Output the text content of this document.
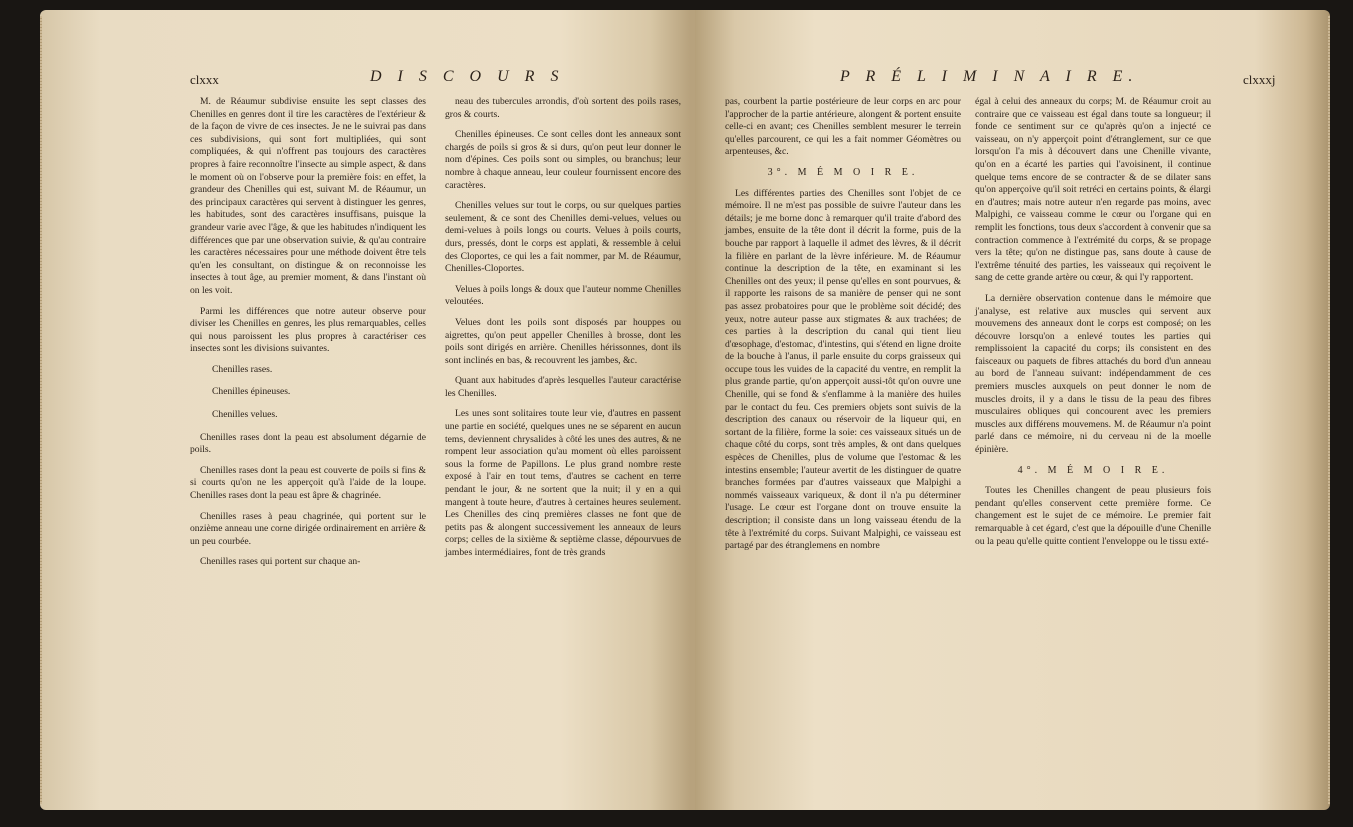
clxxx	D I S C O U R S

M. de Réaumur subdivise ensuite les sept classes des Chenilles en genres dont il tire les caractères de l'extérieur & de la façon de vivre de ces insectes. Je ne le suivrai pas dans ces subdivisions, qui sont fort multipliées, qui sont compliquées, & qui n'offrent pas toujours des caractères propres à faire reconnoître l'insecte au simple aspect, & dans le moment où on l'observe pour la première fois: en effet, la grandeur des Chenilles qui est, suivant M. de Réaumur, un des principaux caractères qui servent à distinguer les genres, les habitudes, sont des caractères insuffisans, puisque la grandeur varie avec l'âge, & que les habitudes n'indiquent les différences que par une observation suivie, & qu'au contraire les caractères nécessaires pour une méthode doivent être tels qu'en les consultant, on distingue & on reconnoisse les insectes à tout âge, au premier moment, & dans l'instant où on les voit.

Parmi les différences que notre auteur observe pour diviser les Chenilles en genres, les plus remarquables, celles qui nous paroissent les plus propres à caractériser ces insectes sont les divisions suivantes.

Chenilles rases.

Chenilles épineuses.

Chenilles velues.

Chenilles rases dont la peau est absolument dégarnie de poils.

Chenilles rases dont la peau est couverte de poils si fins & si courts qu'on ne les apperçoit qu'à l'aide de la loupe. Chenilles rases dont la peau est âpre & chagrinée.

Chenilles rases à peau chagrinée, qui portent sur le onzième anneau une corne dirigée ordinairement en arrière & un peu courbée.

Chenilles rases qui portent sur chaque an-

neau des tubercules arrondis, d'où sortent des poils rases, gros & courts.

Chenilles épineuses. Ce sont celles dont les anneaux sont chargés de poils si gros & si durs, qu'on peut leur donner le nom d'épines. Ces poils sont ou simples, ou branchus; leur nombre à chaque anneau, leur couleur fournissent encore des caractères.

Chenilles velues sur tout le corps, ou sur quelques parties seulement, & ce sont des Chenilles demi-velues, velues ou demi-velues à poils longs ou courts. Velues à poils courts, durs, pressés, dont le corps est applati, & ressemble à celui des Cloportes, ce qui les a fait nommer, par M. de Réaumur, Chenilles-Cloportes.

Velues à poils longs & doux que l'auteur nomme Chenilles veloutées.

Velues dont les poils sont disposés par houppes ou aigrettes, qu'on peut appeller Chenilles à brosse, dont les poils sont dirigés en arrière. Chenilles hérissonnes, dont ils sont inclinés en bas, & recouvrent les jambes, &c.

Quant aux habitudes d'après lesquelles l'auteur caractérise les Chenilles.

Les unes sont solitaires toute leur vie, d'autres en passent une partie en société, quelques unes ne se séparent en aucun tems, deviennent chrysalides à côté les unes des autres, & ne rompent leur association qu'au moment où elles paroissent sous la forme de Papillons. Le plus grand nombre reste exposé à l'air en tout tems, d'autres se cachent en terre pendant le jour, & ne sortent que la nuit; il y en a qui mangent à toute heure, d'autres à certaines heures seulement. Les Chenilles des cinq premières classes ne font que de petits pas & alongent successivement les anneaux de leurs corps; celles de la sixième & septième classe, dépourvues de jambes intermédiaires, font de très grands

P R É L I M I N A I R E.	clxxxj

pas, courbent la partie postérieure de leur corps en arc pour l'approcher de la partie antérieure, alongent & portent ensuite celle-ci en avant; ces Chenilles semblent mesurer le terrein qu'elles parcourent, ce qui les a fait nommer Géomètres ou arpenteuses, &c.

3°. M É M O I R E.

Les différentes parties des Chenilles sont l'objet de ce mémoire. Il ne m'est pas possible de suivre l'auteur dans les détails; je me borne donc à remarquer qu'il traite d'abord des jambes, ensuite de la tête dont il décrit la forme, puis de la bouche par rapport à laquelle il admet des lèvres, & il décrit la filière en parlant de la lèvre inférieure. M. de Réaumur continue la description de la tête, en examinant si les Chenilles ont des yeux; il pense qu'elles en sont pourvues, & il rapporte les raisons de sa manière de penser qui ne sont pas assez probatoires pour que le problème soit décidé; des yeux, notre auteur passe aux stigmates & aux trachées; de ces parties à la description du canal qui tient lieu d'œsophage, d'estomac, d'intestins, qui s'étend en ligne droite de la bouche à l'anus, il parle ensuite du corps graisseux qui occupe tous les vuides de la capacité du ventre, en remplit la plus grande partie, qu'on apperçoit aussi-tôt qu'on ouvre une Chenille, qui se fond & s'enflamme à la manière des huiles par le contact du feu. Ces premiers objets sont suivis de la description des canaux ou réservoir de la liqueur qui, en sortant de la filière, forme la soie: ces vaisseaux situés un de chaque côté du corps, sont très amples, & ont dans quelques espèces de Chenilles, plus de volume que l'estomac & les intestins ensemble; l'auteur avertit de les distinguer de quatre branches formées par d'autres vaisseaux que Malpighi a nommés vaisseaux variqueux, & dont il n'a pu déterminer l'usage. Le cœur est l'organe dont on trouve ensuite la description; il consiste dans un long vaisseau étendu de la tête à l'extrémité du corps. Suivant Malpighi, ce vaisseau est partagé par des étranglemens en nombre

égal à celui des anneaux du corps; M. de Réaumur croit au contraire que ce vaisseau est égal dans toute sa longueur; il fonde ce sentiment sur ce qu'après qu'on a injecté ce vaisseau, on n'y apperçoit point d'étranglement, sur ce que lorsqu'on l'a mis à découvert dans une Chenille vivante, qu'on en a écarté les parties qui l'avoisinent, il continue quelque tems encore de se contracter & de se dilater sans qu'on apperçoive qu'il soit retréci en certains points, & élargi en d'autres; mais notre auteur n'en regarde pas moins, avec Malpighi, ce vaisseau comme le cœur ou l'organe qui en remplit les fonctions, tous deux s'accordent à convenir que sa contraction commence à l'extrémité du corps, & se propage vers la tête; qu'on ne distingue pas, sans doute à cause de l'extrême ténuité des parties, les vaisseaux qui reçoivent le sang de cette grande artère ou cœur, & qui l'y rapportent.

La dernière observation contenue dans le mémoire que j'analyse, est relative aux muscles qui servent aux mouvemens des anneaux dont le corps est composé; on les découvre lorsqu'on a enlevé toutes les parties qui remplissoient la capacité du corps; ils consistent en des faisceaux ou paquets de fibres attachés du bord d'un anneau au bord de l'anneau suivant: indépendamment de ces premiers muscles auxquels on peut donner le nom de muscles droits, il y a dans le tissu de la peau des fibres musculaires obliques qui concourent avec les premiers muscles aux différens mouvemens. M. de Réaumur n'a point parlé dans ce mémoire, ni du cerveau ni de la moelle épinière.

4°. M É M O I R E.

Toutes les Chenilles changent de peau plusieurs fois pendant qu'elles conservent cette première forme. Ce changement est le sujet de ce mémoire. Le premier fait remarquable à cet égard, c'est que la dépouille d'une Chenille ou la peau qu'elle quitte contient l'enveloppe ou le tissu exté-
